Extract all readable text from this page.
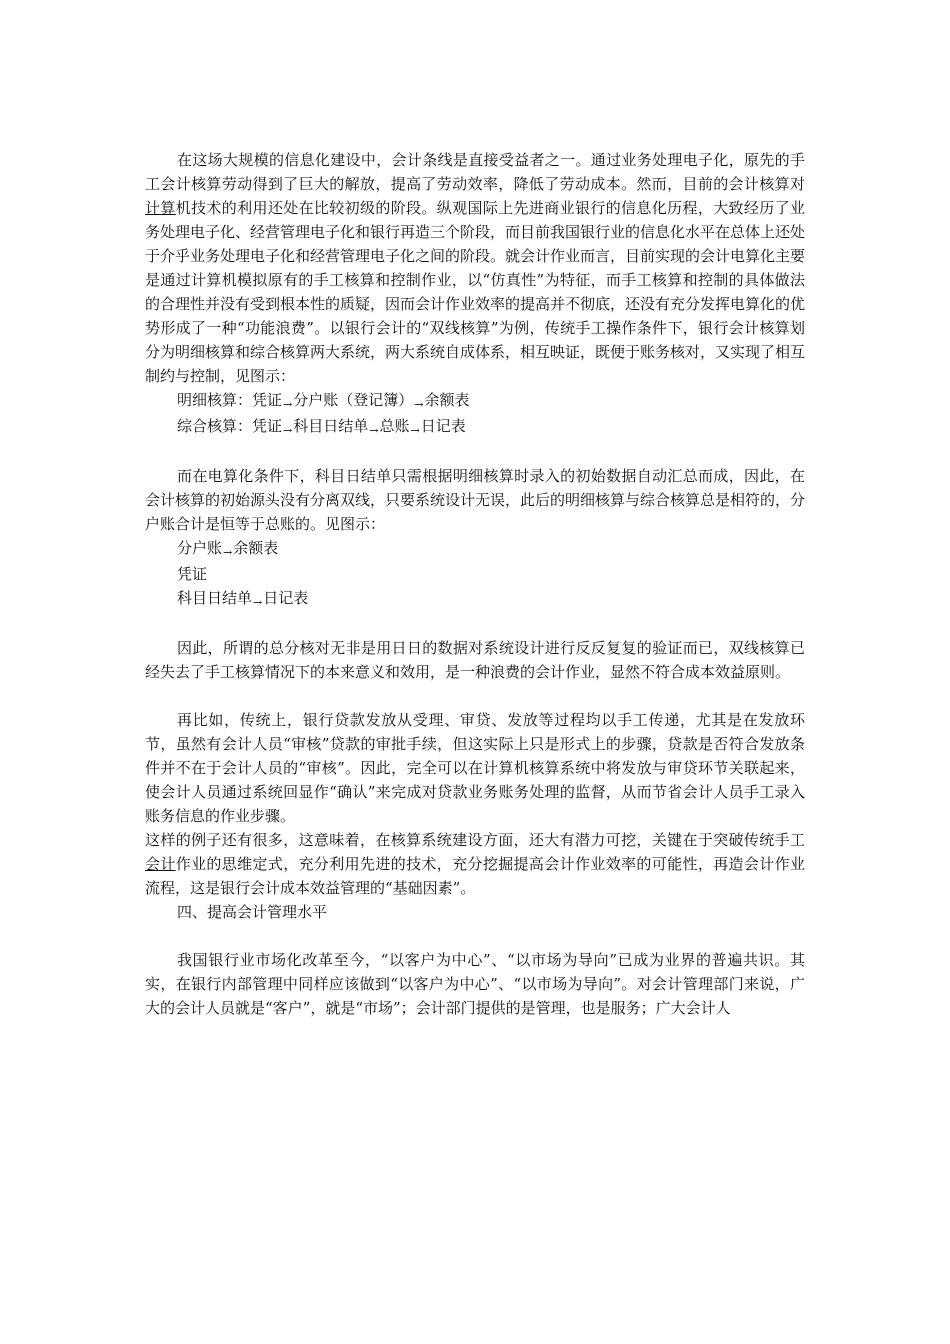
在这场大规模的信息化建设中，会计条线是直接受益者之一。通过业务处理电子化，原先的手工会计核算劳动得到了巨大的解放，提高了劳动效率，降低了劳动成本。然而，目前的会计核算对计算机技术的利用还处在比较初级的阶段。纵观国际上先进商业银行的信息化历程，大致经历了业务处理电子化、经营管理电子化和银行再造三个阶段，而目前我国银行业的信息化水平在总体上还处于介乎业务处理电子化和经营管理电子化之间的阶段。就会计作业而言，目前实现的会计电算化主要是通过计算机模拟原有的手工核算和控制作业，以“仿真性”为特征，而手工核算和控制的具体做法的合理性并没有受到根本性的质疑，因而会计作业效率的提高并不彻底，还没有充分发挥电算化的优势形成了一种“功能浪费”。以银行会计的“双线核算”为例，传统手工操作条件下，银行会计核算划分为明细核算和综合核算两大系统，两大系统自成体系，相互映证，既便于账务核对，又实现了相互制约与控制，见图示：

明细核算：凭证$_\to$分户账（登记簿）$_\to$余额表

综合核算：凭证$_\to$科目日结单$_\to$总账$_\to$日记表

而在电算化条件下，科目日结单只需根据明细核算时录入的初始数据自动汇总而成，因此，在会计核算的初始源头没有分离双线，只要系统设计无误，此后的明细核算与综合核算总是相符的，分户账合计是恒等于总账的。见图示：

分户账$_\to$余额表

凭证

科目日结单$_\to$日记表

因此，所谓的总分核对无非是用日日的数据对系统设计进行反反复复的验证而已，双线核算已经失去了手工核算情况下的本来意义和效用，是一种浪费的会计作业，显然不符合成本效益原则。

再比如，传统上，银行贷款发放从受理、审贷、发放等过程均以手工传递，尤其是在发放环节，虽然有会计人员“审核”贷款的审批手续，但这实际上只是形式上的步骤，贷款是否符合发放条件并不在于会计人员的“审核”。因此，完全可以在计算机核算系统中将发放与审贷环节关联起来，使会计人员通过系统回显作“确认”来完成对贷款业务账务处理的监督，从而节省会计人员手工录入账务信息的作业步骤。

这样的例子还有很多，这意味着，在核算系统建设方面，还大有潜力可挖，关键在于突破传统手工会计作业的思维定式，充分利用先进的技术，充分挖掘提高会计作业效率的可能性，再造会计作业流程，这是银行会计成本效益管理的“基础因素”。

四、提高会计管理水平

我国银行业市场化改革至今，“以客户为中心”、“以市场为导向”已成为业界的普遍共识。其实，在银行内部管理中同样应该做到“以客户为中心”、“以市场为导向”。对会计管理部门来说，广大的会计人员就是“客户”，就是“市场”；会计部门提供的是管理，也是服务；广大会计人
